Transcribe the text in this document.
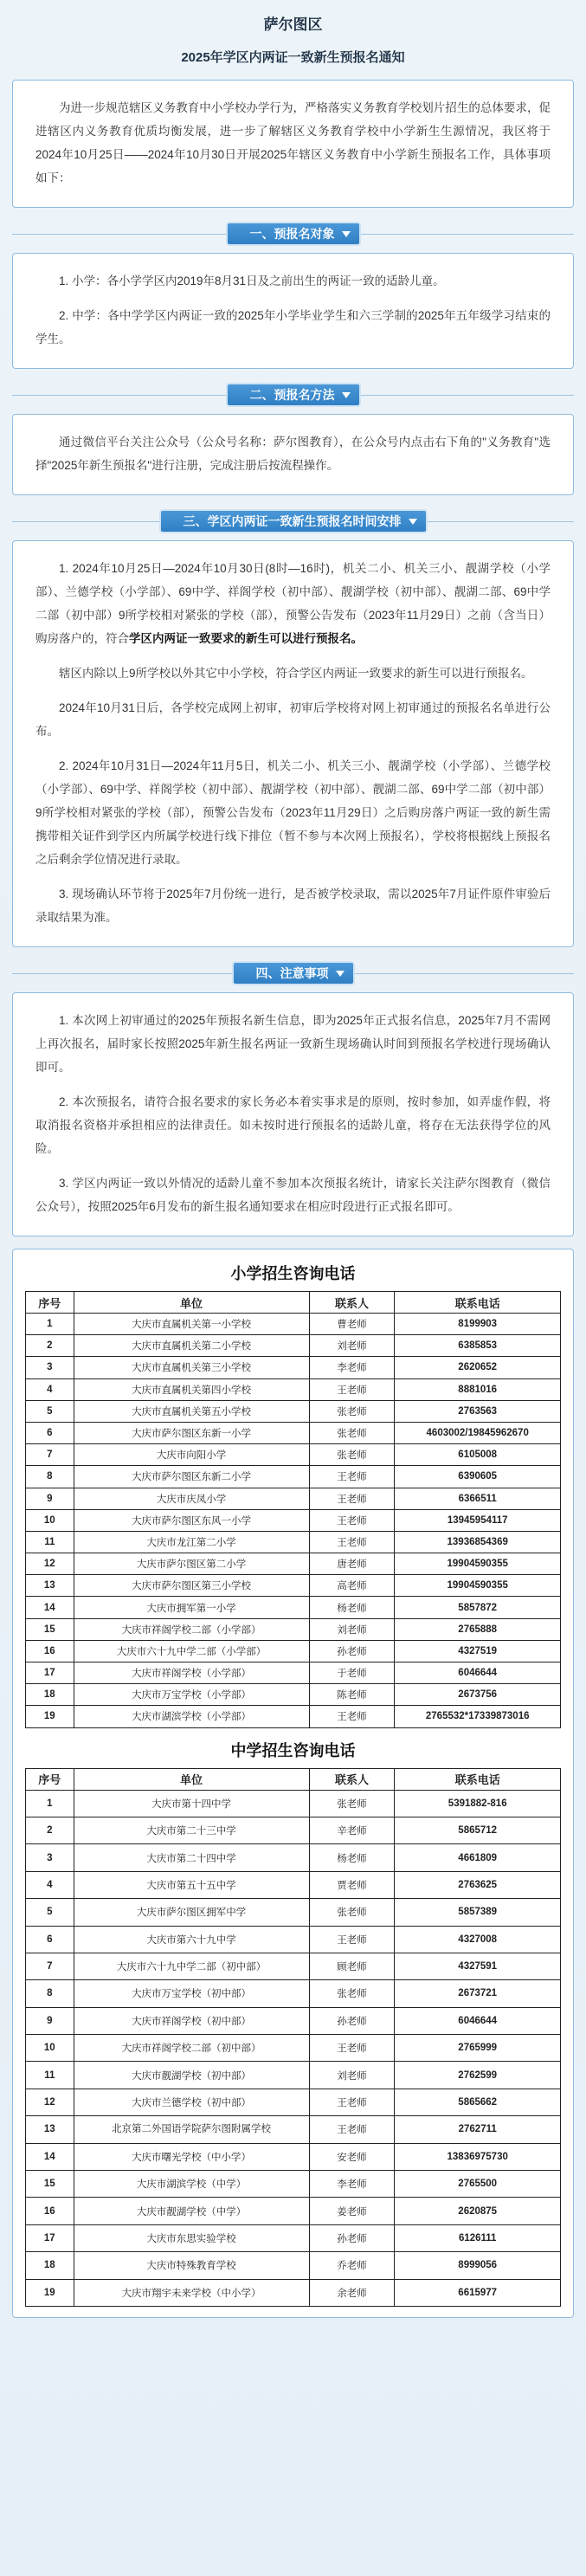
萨尔图区
2025年学区内两证一致新生预报名通知

为进一步规范辖区义务教育中小学校办学行为，严格落实义务教育学校划片招生的总体要求，促进辖区内义务教育优质均衡发展，进一步了解辖区义务教育学校中小学新生生源情况，我区将于2024年10月25日——2024年10月30日开展2025年辖区义务教育中小学新生预报名工作，具体事项如下：

一、预报名对象

1. 小学：各小学学区内2019年8月31日及之前出生的两证一致的适龄儿童。

2. 中学：各中学学区内两证一致的2025年小学毕业学生和六三学制的2025年五年级学习结束的学生。

二、预报名方法

通过微信平台关注公众号（公众号名称：萨尔图教育），在公众号内点击右下角的"义务教育"选择"2025年新生预报名"进行注册，完成注册后按流程操作。

三、学区内两证一致新生预报名时间安排

1. 2024年10月25日—2024年10月30日(8时—16时)，机关二小、机关三小、靓湖学校（小学部）、兰德学校（小学部）、69中学、祥阁学校（初中部）、靓湖学校（初中部）、靓湖二部、69中学二部（初中部）9所学校相对紧张的学校（部），预警公告发布（2023年11月29日）之前（含当日）购房落户的，符合学区内两证一致要求的新生可以进行预报名。

辖区内除以上9所学校以外其它中小学校，符合学区内两证一致要求的新生可以进行预报名。

2024年10月31日后，各学校完成网上初审，初审后学校将对网上初审通过的预报名名单进行公布。

2. 2024年10月31日—2024年11月5日，机关二小、机关三小、靓湖学校（小学部）、兰德学校（小学部）、69中学、祥阁学校（初中部）、靓湖学校（初中部）、靓湖二部、69中学二部（初中部）9所学校相对紧张的学校（部），预警公告发布（2023年11月29日）之后购房落户两证一致的新生需携带相关证件到学区内所属学校进行线下排位（暂不参与本次网上预报名），学校将根据线上预报名之后剩余学位情况进行录取。

3. 现场确认环节将于2025年7月份统一进行，是否被学校录取，需以2025年7月证件原件审验后录取结果为准。

四、注意事项

1. 本次网上初审通过的2025年预报名新生信息，即为2025年正式报名信息，2025年7月不需网上再次报名，届时家长按照2025年新生报名两证一致新生现场确认时间到预报名学校进行现场确认即可。

2. 本次预报名，请符合报名要求的家长务必本着实事求是的原则，按时参加，如弄虚作假，将取消报名资格并承担相应的法律责任。如未按时进行预报名的适龄儿童，将存在无法获得学位的风险。

3. 学区内两证一致以外情况的适龄儿童不参加本次预报名统计，请家长关注萨尔图教育（微信公众号），按照2025年6月发布的新生报名通知要求在相应时段进行正式报名即可。

小学招生咨询电话
序号	单位	联系人	联系电话
1	大庆市直属机关第一小学校	曹老师	8199903
2	大庆市直属机关第二小学校	刘老师	6385853
3	大庆市直属机关第三小学校	李老师	2620652
4	大庆市直属机关第四小学校	王老师	8881016
5	大庆市直属机关第五小学校	张老师	2763563
6	大庆市萨尔图区东新一小学	张老师	4603002/19845962670
7	大庆市向阳小学	张老师	6105008
8	大庆市萨尔图区东新二小学	王老师	6390605
9	大庆市庆凤小学	王老师	6366511
10	大庆市萨尔图区东风一小学	王老师	13945954117
11	大庆市龙江第二小学	王老师	13936854369
12	大庆市萨尔图区第二小学	唐老师	19904590355
13	大庆市萨尔图区第三小学校	高老师	19904590355
14	大庆市拥军第一小学	杨老师	5857872
15	大庆市祥阁学校二部（小学部）	刘老师	2765888
16	大庆市六十九中学二部（小学部）	孙老师	4327519
17	大庆市祥阁学校（小学部）	于老师	6046644
18	大庆市万宝学校（小学部）	陈老师	2673756
19	大庆市湖滨学校（小学部）	王老师	2765532*17339873016
中学招生咨询电话
序号	单位	联系人	联系电话
1	大庆市第十四中学	张老师	5391882-816
2	大庆市第二十三中学	辛老师	5865712
3	大庆市第二十四中学	杨老师	4661809
4	大庆市第五十五中学	贾老师	2763625
5	大庆市萨尔图区拥军中学	张老师	5857389
6	大庆市第六十九中学	王老师	4327008
7	大庆市六十九中学二部（初中部）	顾老师	4327591
8	大庆市万宝学校（初中部）	张老师	2673721
9	大庆市祥阁学校（初中部）	孙老师	6046644
10	大庆市祥阁学校二部（初中部）	王老师	2765999
11	大庆市靓湖学校（初中部）	刘老师	2762599
12	大庆市兰德学校（初中部）	王老师	5865662
13	北京第二外国语学院萨尔图附属学校	王老师	2762711
14	大庆市曙光学校（中小学）	安老师	13836975730
15	大庆市湖滨学校（中学）	李老师	2765500
16	大庆市靓湖学校（中学）	姜老师	2620875
17	大庆市东思实验学校	孙老师	6126111
18	大庆市特殊教育学校	乔老师	8999056
19	大庆市翔宇未来学校（中小学）	余老师	6615977
